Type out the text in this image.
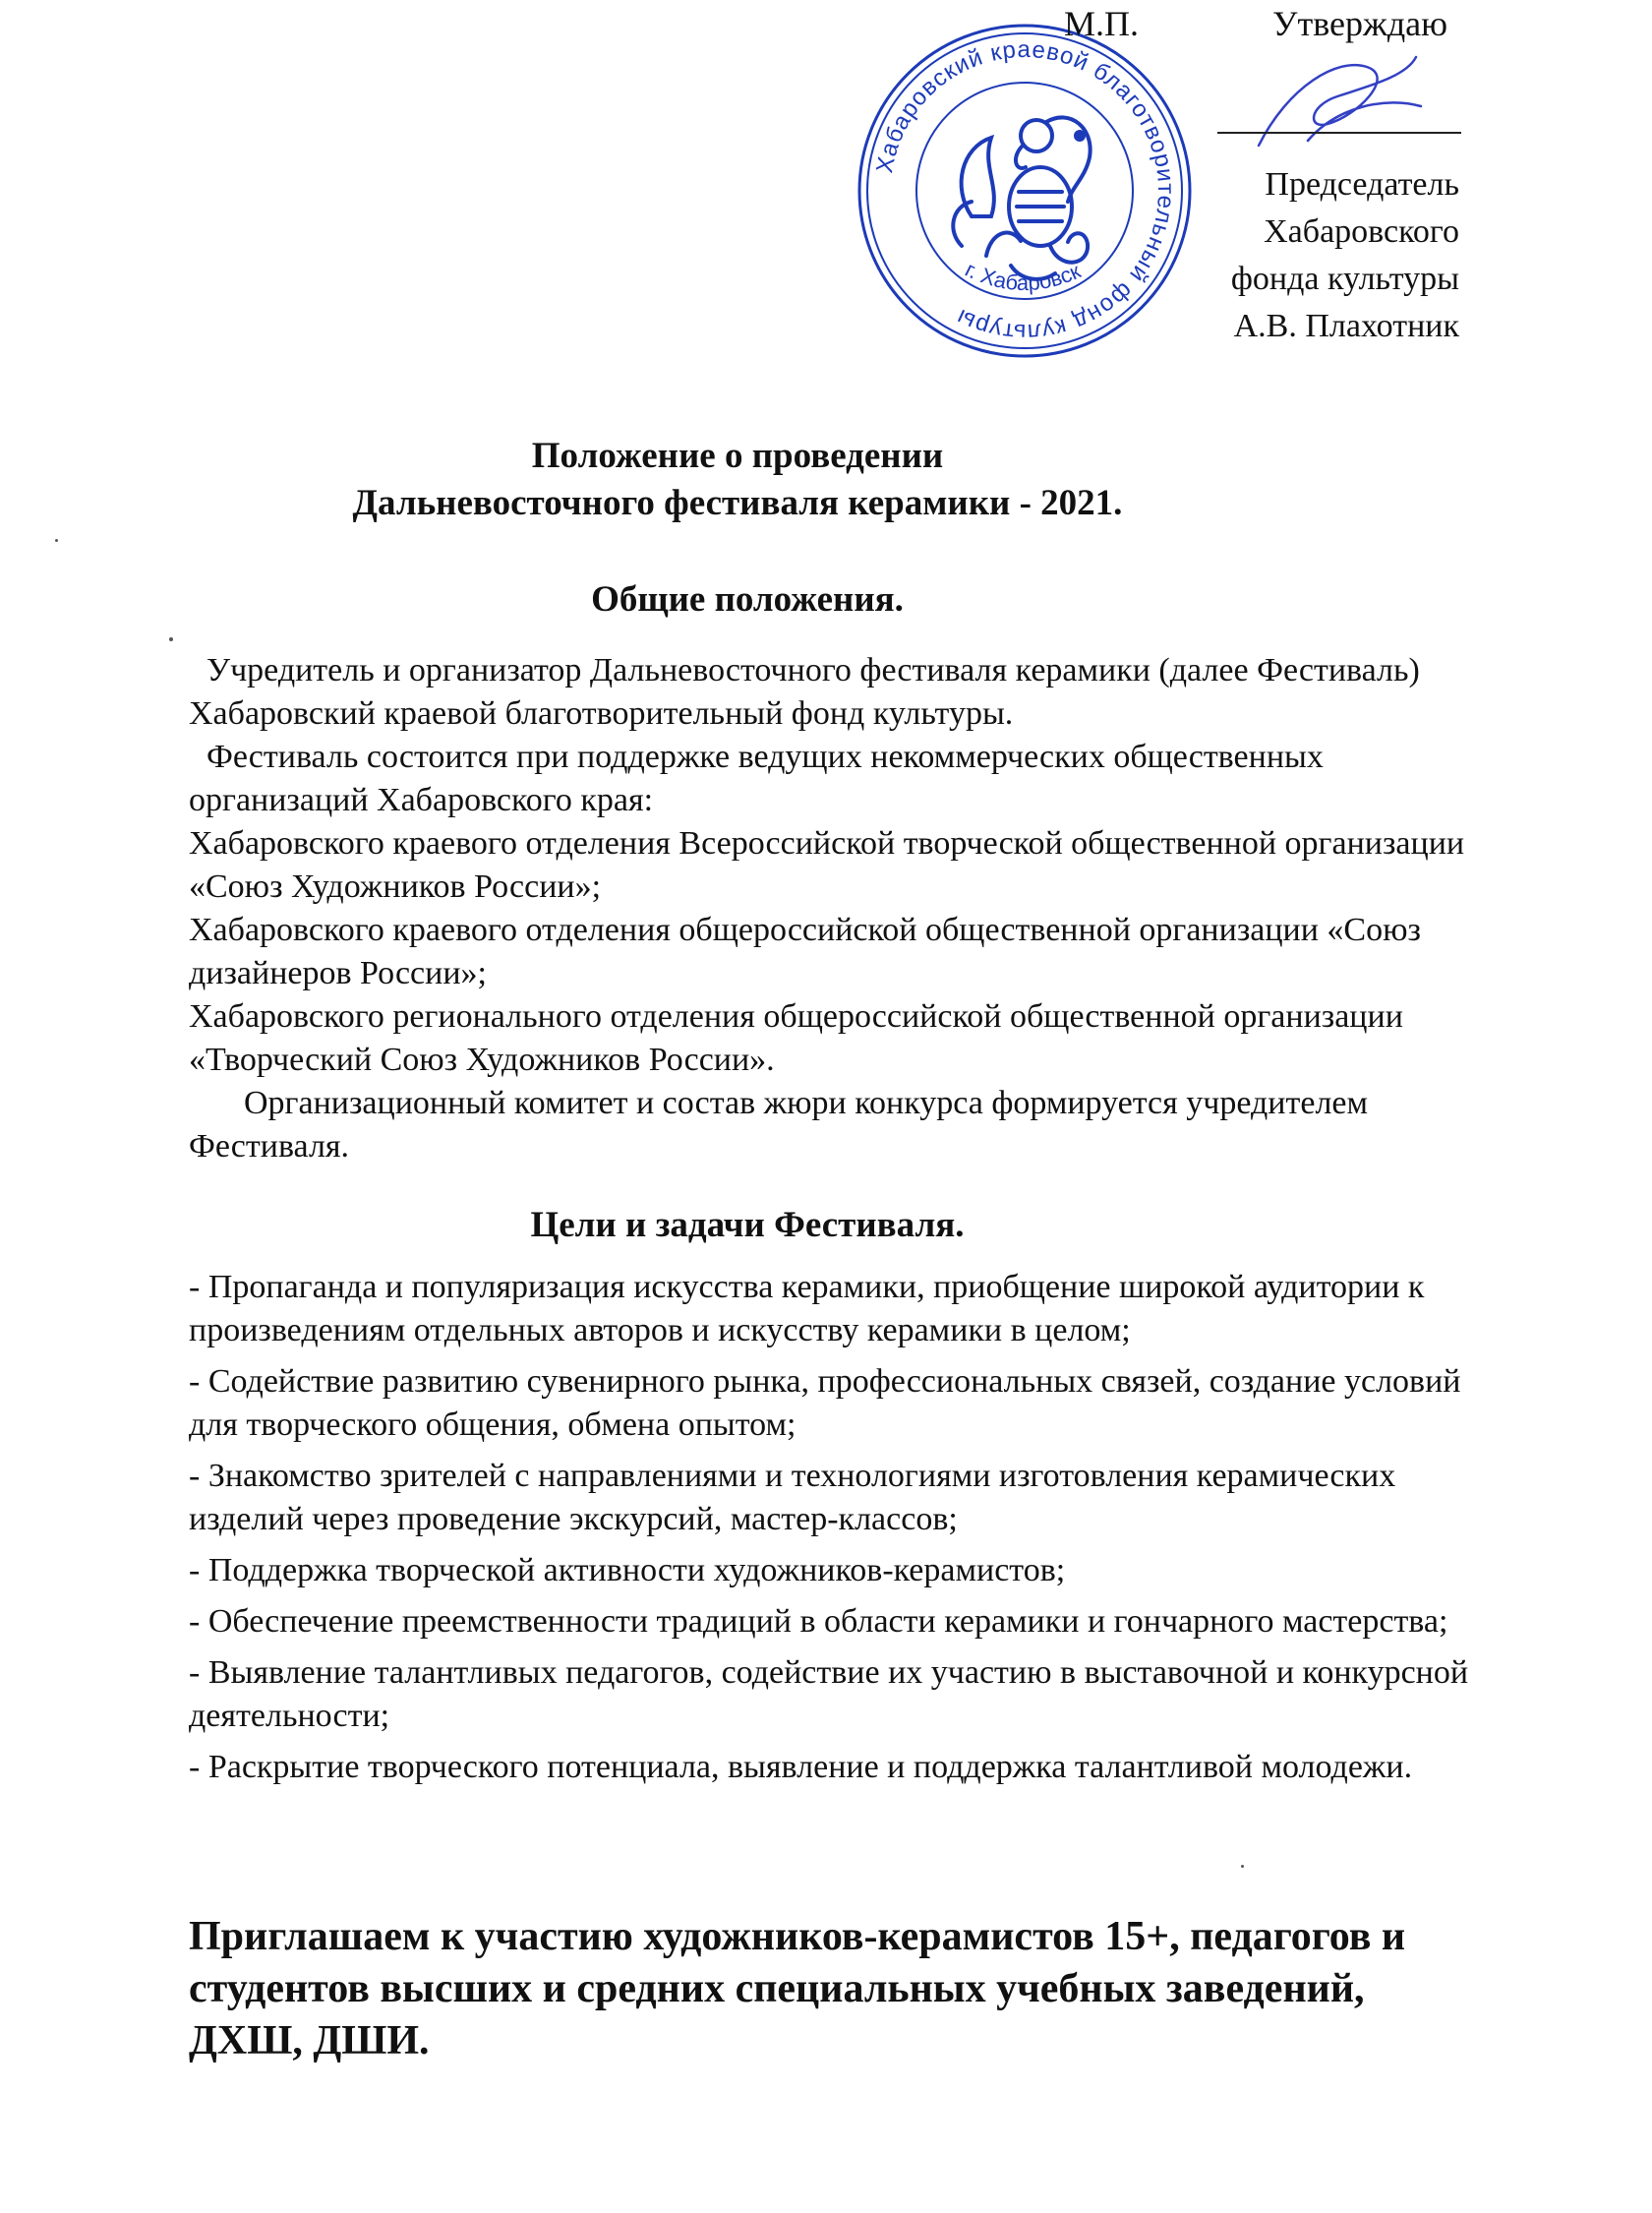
Хабаровский краевой благотворительный фонд культуры
г. Хабаровск
М.П.	Утверждаю
Председатель
Хабаровского
фонда культуры
А.В. Плахотник
Положение о проведении
Дальневосточного фестиваля керамики - 2021.
Общие положения.

Учредитель и организатор Дальневосточного фестиваля керамики (далее Фестиваль) Хабаровский краевой благотворительный фонд культуры.

Фестиваль состоится при поддержке ведущих некоммерческих общественных организаций Хабаровского края:

Хабаровского краевого отделения Всероссийской творческой общественной организации «Союз Художников России»;

Хабаровского краевого отделения общероссийской общественной организации «Союз дизайнеров России»;

Хабаровского регионального отделения общероссийской общественной организации «Творческий Союз Художников России».

Организационный комитет и состав жюри конкурса формируется учредителем Фестиваля.

Цели и задачи Фестиваля.

- Пропаганда и популяризация искусства керамики, приобщение широкой аудитории к произведениям отдельных авторов и искусству керамики в целом;

- Содействие развитию сувенирного рынка, профессиональных связей, создание условий для творческого общения, обмена опытом;

- Знакомство зрителей с направлениями и технологиями изготовления керамических изделий через проведение экскурсий, мастер-классов;

- Поддержка творческой активности художников-керамистов;

- Обеспечение преемственности традиций в области керамики и гончарного мастерства;

- Выявление талантливых педагогов, содействие их участию в выставочной и конкурсной деятельности;

- Раскрытие творческого потенциала, выявление и поддержка талантливой молодежи.

Приглашаем к участию художников-керамистов 15+, педагогов и студентов высших и средних специальных учебных заведений, ДХШ, ДШИ.
